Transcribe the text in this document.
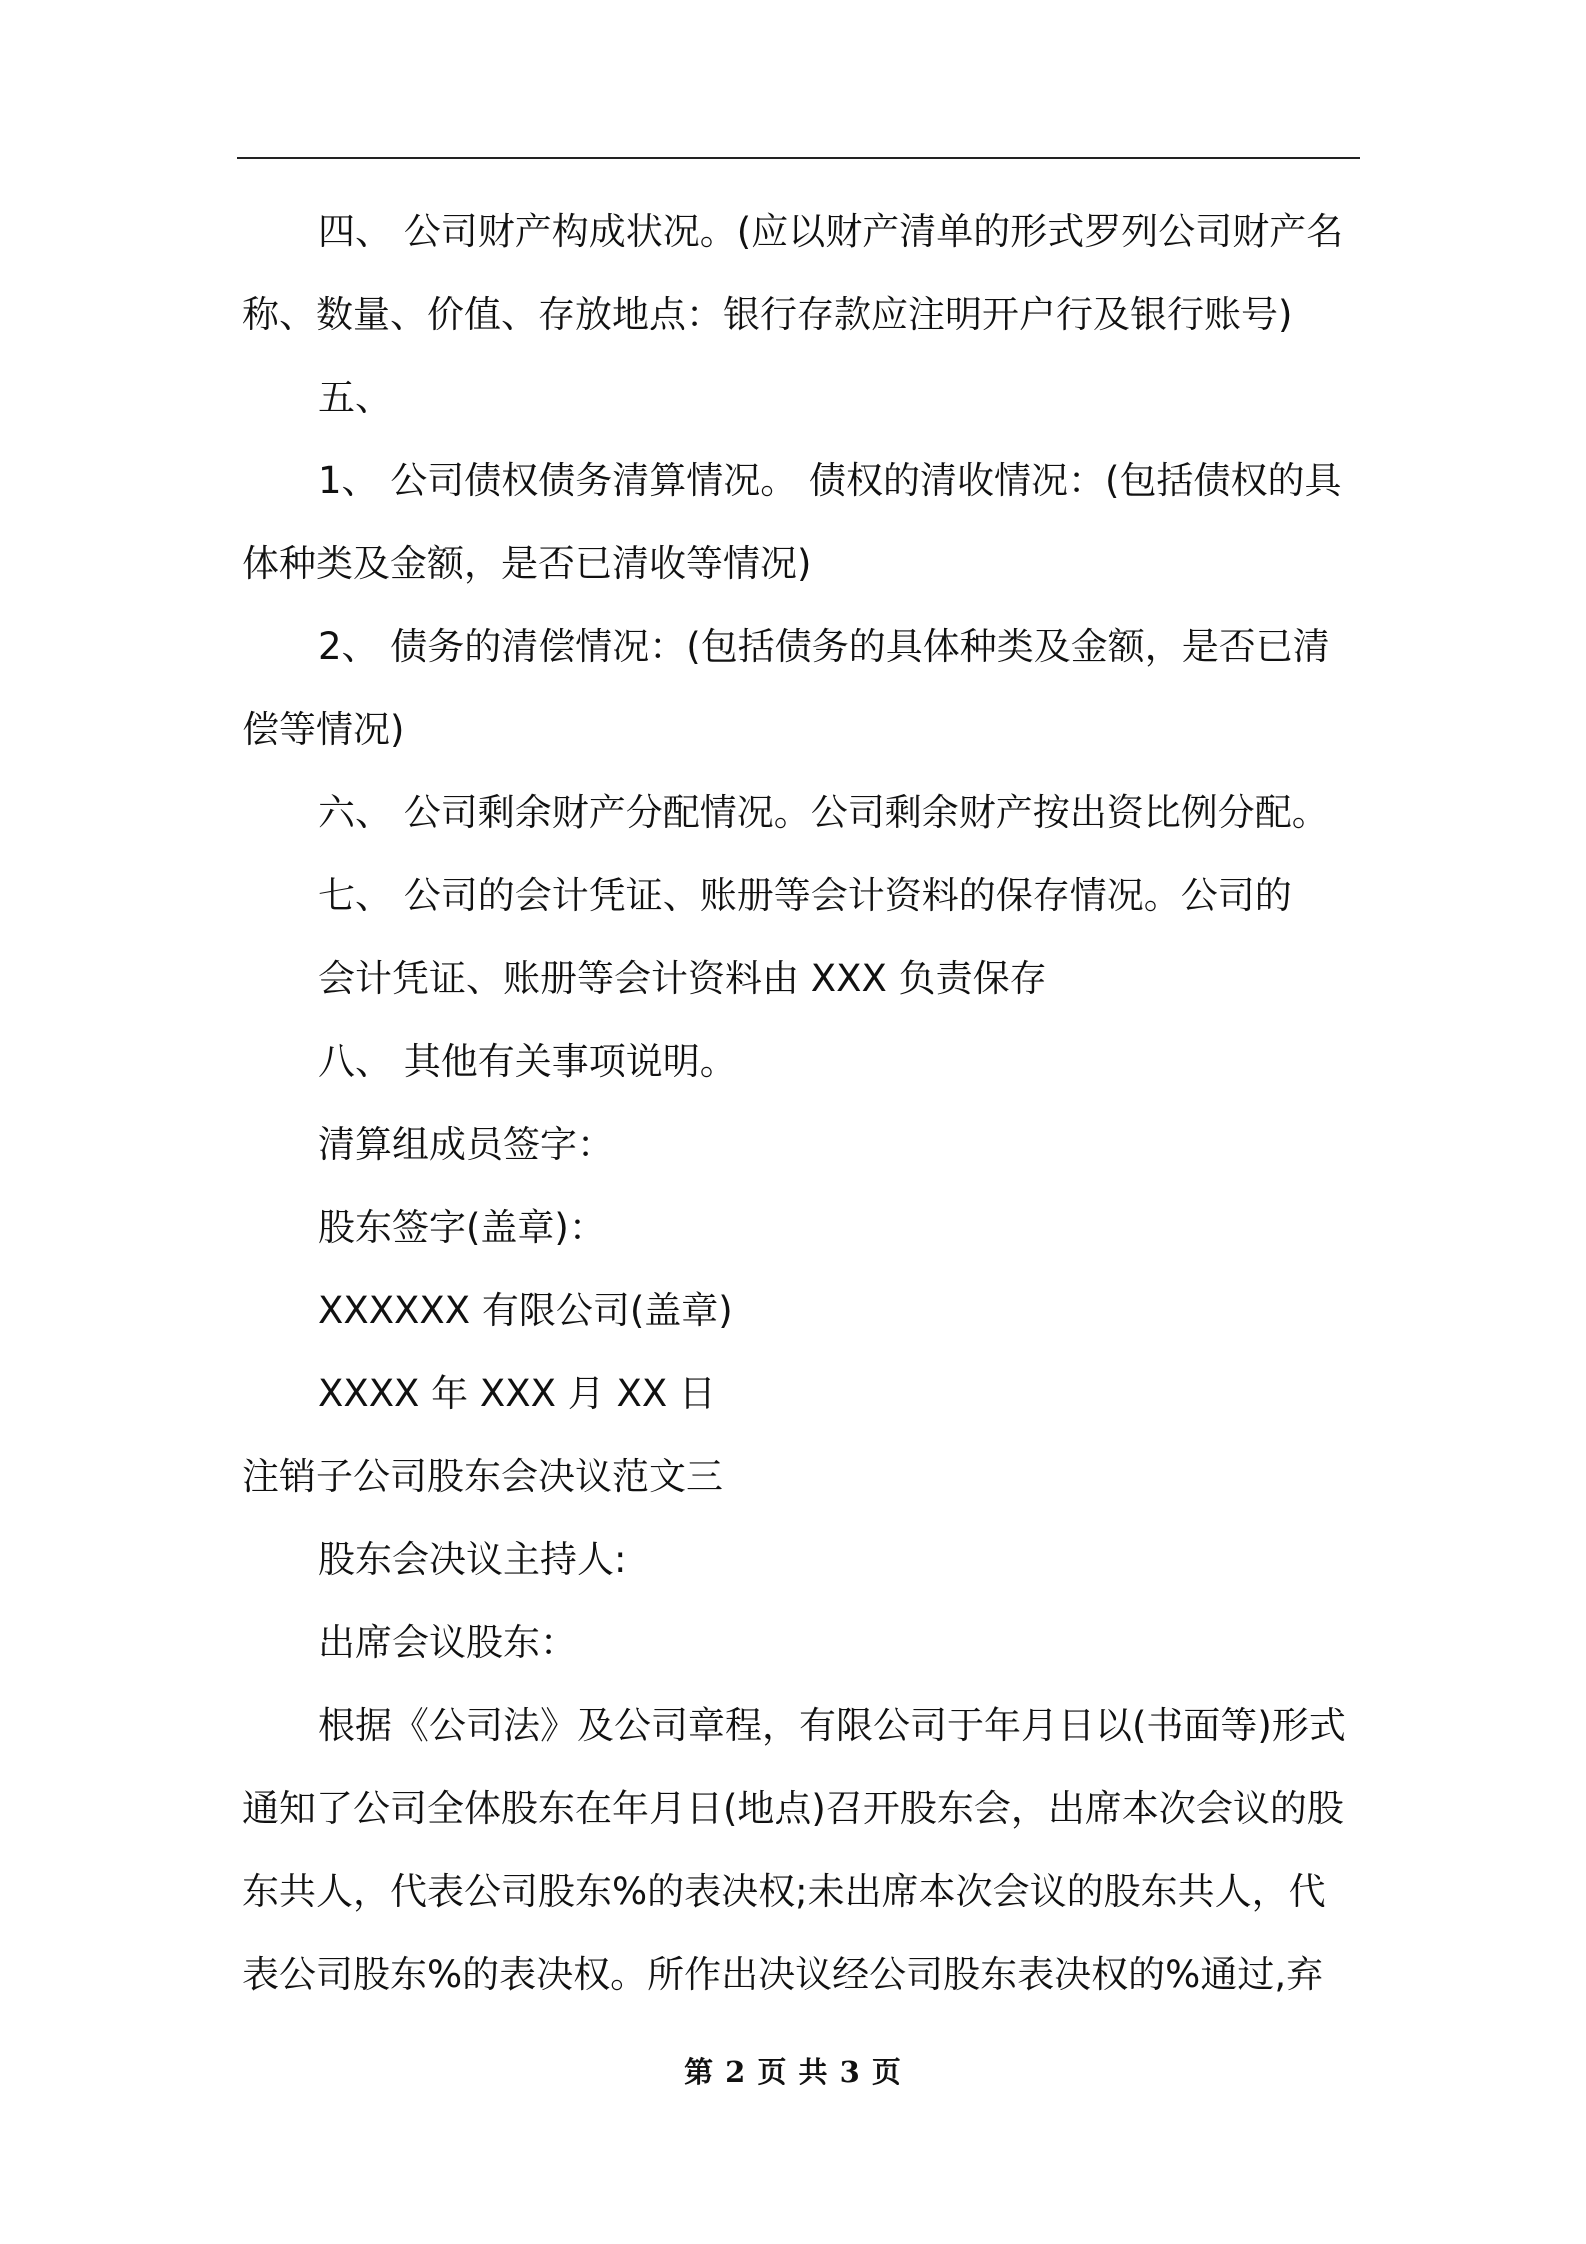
四、 公司财产构成状况。(应以财产清单的形式罗列公司财产名
称、数量、价值、存放地点：银行存款应注明开户行及银行账号)
五、
1、 公司债权债务清算情况。 债权的清收情况：(包括债权的具
体种类及金额，是否已清收等情况)
2、 债务的清偿情况：(包括债务的具体种类及金额，是否已清
偿等情况)
六、 公司剩余财产分配情况。公司剩余财产按出资比例分配。
七、 公司的会计凭证、账册等会计资料的保存情况。公司的
会计凭证、账册等会计资料由 XXX 负责保存
八、 其他有关事项说明。
清算组成员签字：
股东签字(盖章)：
XXXXXX 有限公司(盖章)
XXXX 年 XXX 月 XX 日
注销子公司股东会决议范文三
股东会决议主持人:
出席会议股东：
根据《公司法》及公司章程，有限公司于年月日以(书面等)形式
通知了公司全体股东在年月日(地点)召开股东会，出席本次会议的股
东共人，代表公司股东%的表决权;未出席本次会议的股东共人，代
表公司股东%的表决权。所作出决议经公司股东表决权的%通过,弃
第 2 页 共 3 页
